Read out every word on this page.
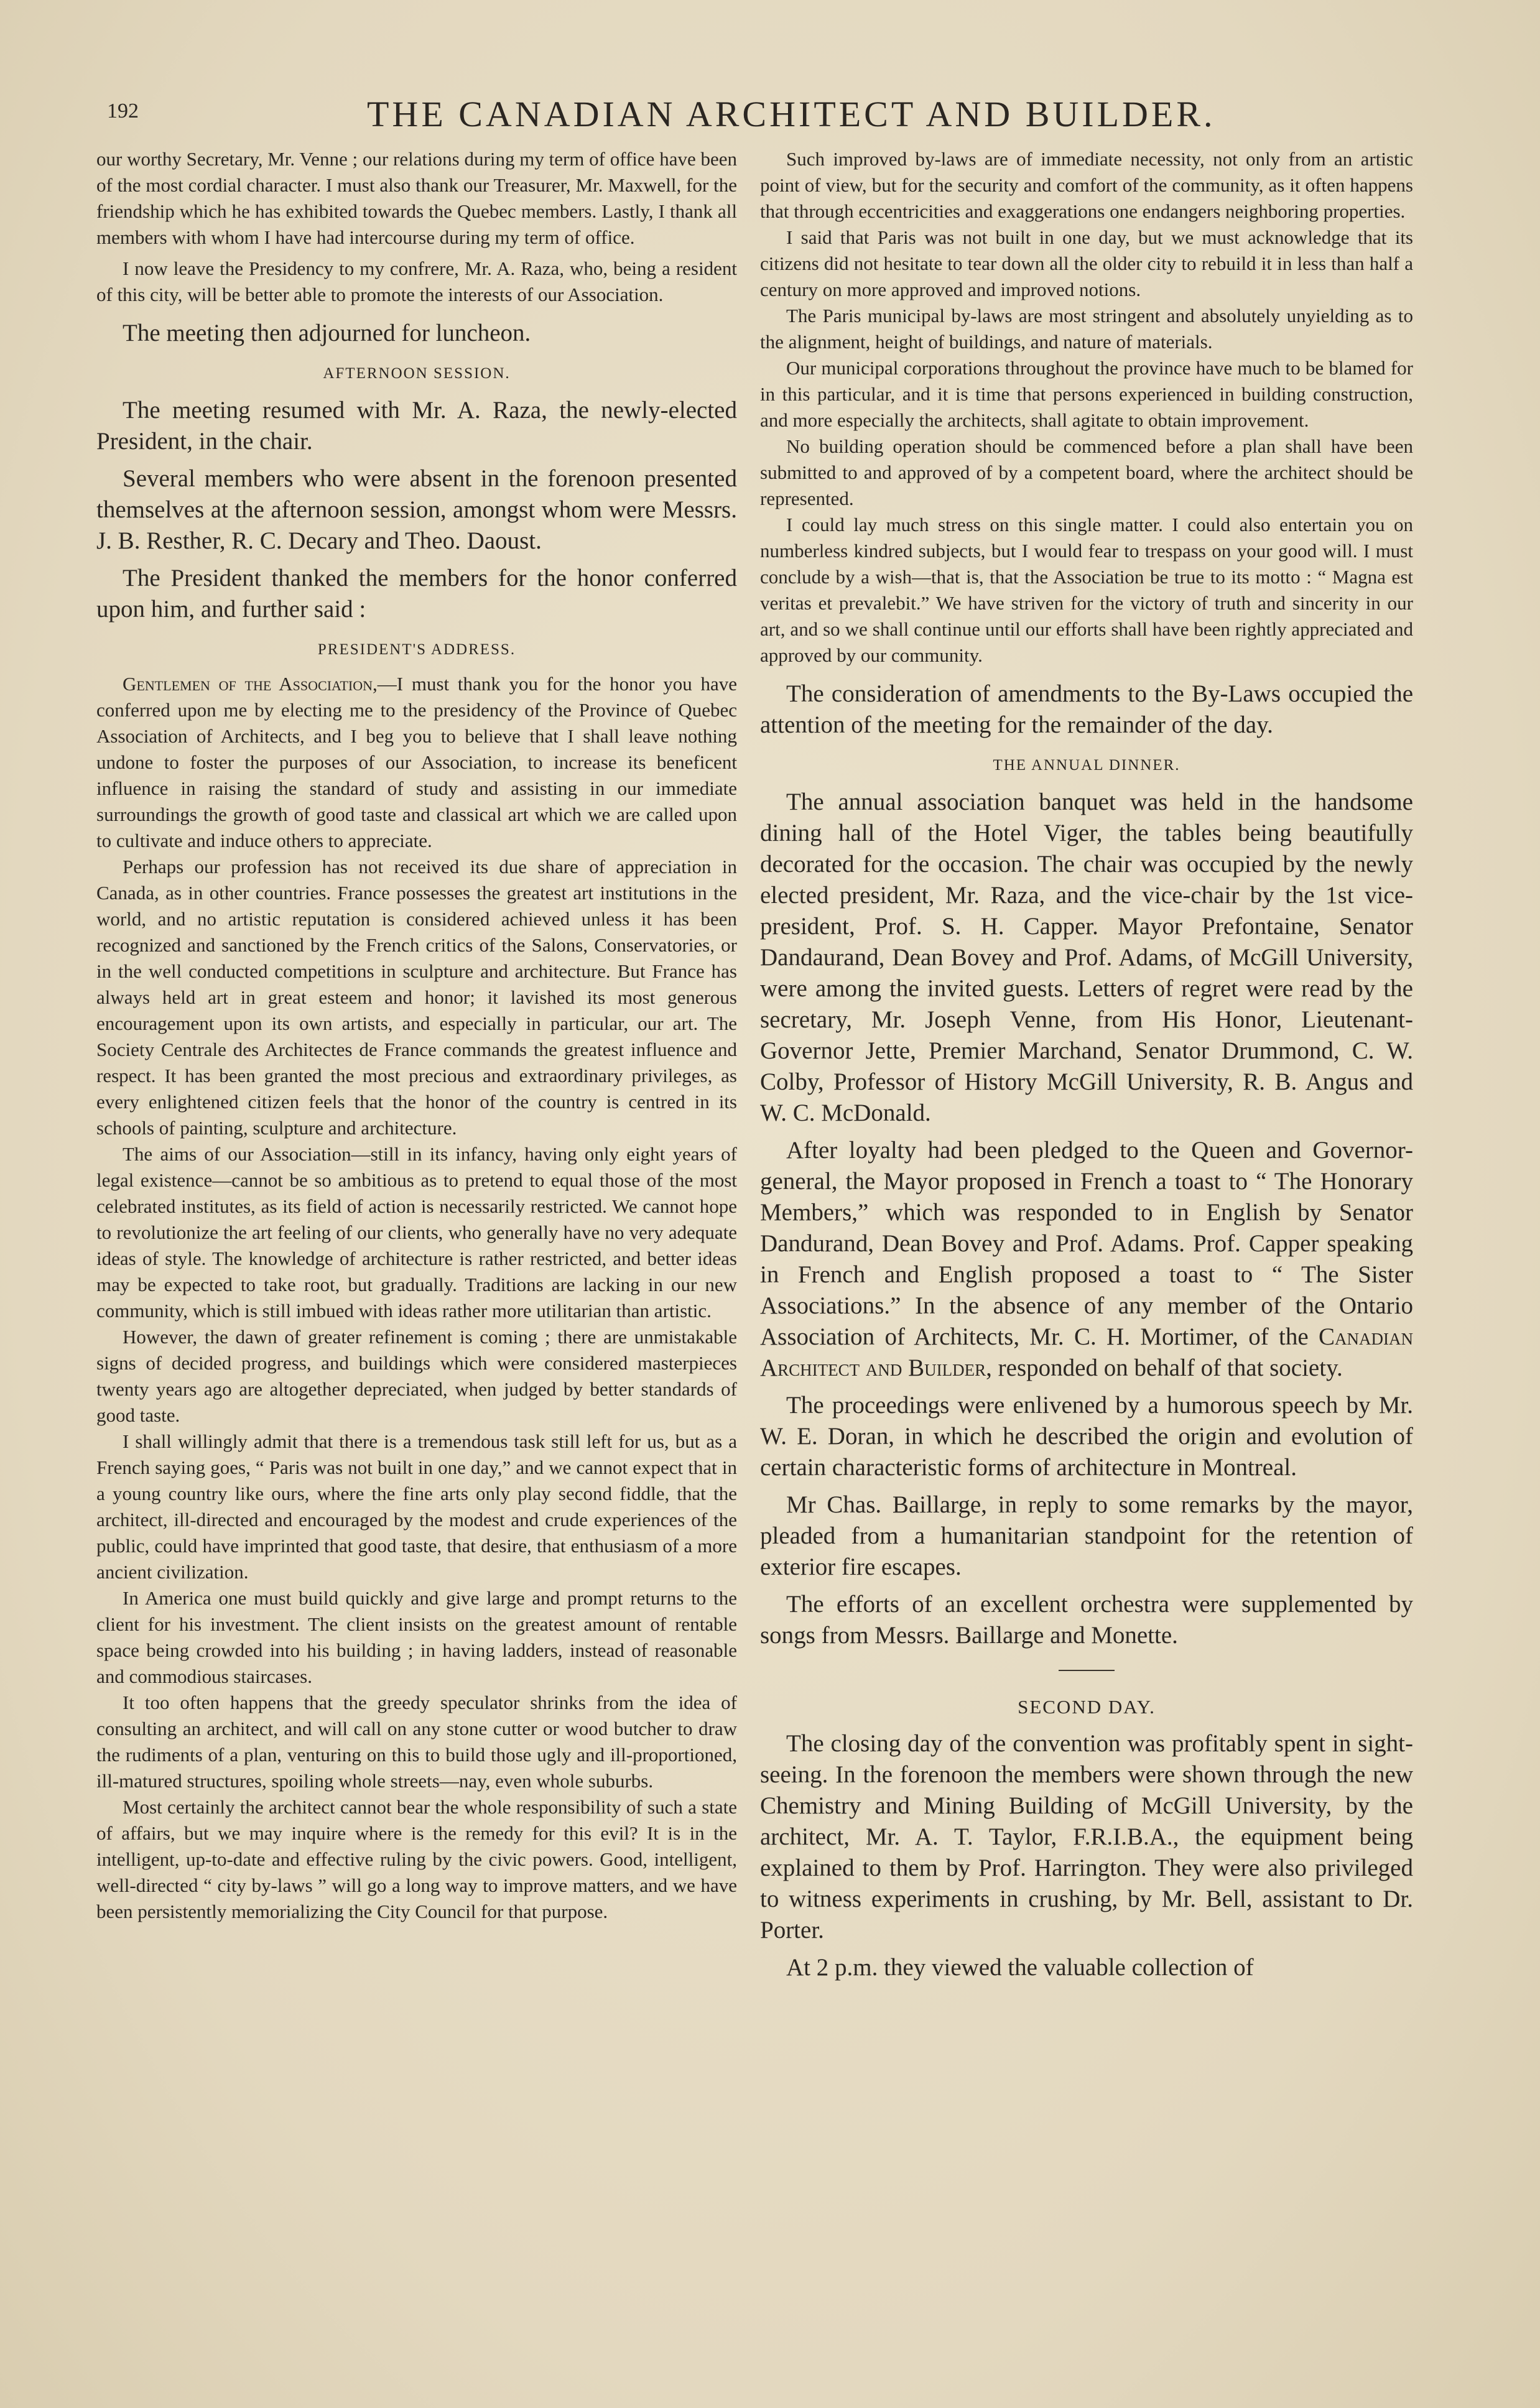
192	THE CANADIAN ARCHITECT AND BUILDER.

our worthy Secretary, Mr. Venne ; our relations during my term of office have been of the most cordial character. I must also thank our Treasurer, Mr. Maxwell, for the friendship which he has exhibited towards the Quebec members. Lastly, I thank all members with whom I have had intercourse during my term of office.

I now leave the Presidency to my confrere, Mr. A. Raza, who, being a resident of this city, will be better able to promote the interests of our Association.

The meeting then adjourned for luncheon.

AFTERNOON SESSION.

The meeting resumed with Mr. A. Raza, the newly-elected President, in the chair.

Several members who were absent in the forenoon presented themselves at the afternoon session, amongst whom were Messrs. J. B. Resther, R. C. Decary and Theo. Daoust.

The President thanked the members for the honor conferred upon him, and further said :

PRESIDENT'S ADDRESS.

Gentlemen of the Association,—I must thank you for the honor you have conferred upon me by electing me to the presidency of the Province of Quebec Association of Architects, and I beg you to believe that I shall leave nothing undone to foster the purposes of our Association, to increase its beneficent influence in raising the standard of study and assisting in our immediate surroundings the growth of good taste and classical art which we are called upon to cultivate and induce others to appreciate.

Perhaps our profession has not received its due share of appreciation in Canada, as in other countries. France possesses the greatest art institutions in the world, and no artistic reputation is considered achieved unless it has been recognized and sanctioned by the French critics of the Salons, Conservatories, or in the well conducted competitions in sculpture and architecture. But France has always held art in great esteem and honor; it lavished its most generous encouragement upon its own artists, and especially in particular, our art. The Society Centrale des Architectes de France commands the greatest influence and respect. It has been granted the most precious and extraordinary privileges, as every enlightened citizen feels that the honor of the country is centred in its schools of painting, sculpture and architecture.

The aims of our Association—still in its infancy, having only eight years of legal existence—cannot be so ambitious as to pretend to equal those of the most celebrated institutes, as its field of action is necessarily restricted. We cannot hope to revolutionize the art feeling of our clients, who generally have no very adequate ideas of style. The knowledge of architecture is rather restricted, and better ideas may be expected to take root, but gradually. Traditions are lacking in our new community, which is still imbued with ideas rather more utilitarian than artistic.

However, the dawn of greater refinement is coming ; there are unmistakable signs of decided progress, and buildings which were considered masterpieces twenty years ago are altogether depreciated, when judged by better standards of good taste.

I shall willingly admit that there is a tremendous task still left for us, but as a French saying goes, “ Paris was not built in one day,” and we cannot expect that in a young country like ours, where the fine arts only play second fiddle, that the architect, ill-directed and encouraged by the modest and crude experiences of the public, could have imprinted that good taste, that desire, that enthusiasm of a more ancient civilization.

In America one must build quickly and give large and prompt returns to the client for his investment. The client insists on the greatest amount of rentable space being crowded into his building ; in having ladders, instead of reasonable and commodious staircases.

It too often happens that the greedy speculator shrinks from the idea of consulting an architect, and will call on any stone cutter or wood butcher to draw the rudiments of a plan, venturing on this to build those ugly and ill-proportioned, ill-matured structures, spoiling whole streets—nay, even whole suburbs.

Most certainly the architect cannot bear the whole responsibility of such a state of affairs, but we may inquire where is the remedy for this evil? It is in the intelligent, up-to-date and effective ruling by the civic powers. Good, intelligent, well-directed “ city by-laws ” will go a long way to improve matters, and we have been persistently memorializing the City Council for that purpose.

Such improved by-laws are of immediate necessity, not only from an artistic point of view, but for the security and comfort of the community, as it often happens that through eccentricities and exaggerations one endangers neighboring properties.

I said that Paris was not built in one day, but we must acknowledge that its citizens did not hesitate to tear down all the older city to rebuild it in less than half a century on more approved and improved notions.

The Paris municipal by-laws are most stringent and absolutely unyielding as to the alignment, height of buildings, and nature of materials.

Our municipal corporations throughout the province have much to be blamed for in this particular, and it is time that persons experienced in building construction, and more especially the architects, shall agitate to obtain improvement.

No building operation should be commenced before a plan shall have been submitted to and approved of by a competent board, where the architect should be represented.

I could lay much stress on this single matter. I could also entertain you on numberless kindred subjects, but I would fear to trespass on your good will. I must conclude by a wish—that is, that the Association be true to its motto : “ Magna est veritas et prevalebit.” We have striven for the victory of truth and sincerity in our art, and so we shall continue until our efforts shall have been rightly appreciated and approved by our community.

The consideration of amendments to the By-Laws occupied the attention of the meeting for the remainder of the day.

THE ANNUAL DINNER.

The annual association banquet was held in the handsome dining hall of the Hotel Viger, the tables being beautifully decorated for the occasion. The chair was occupied by the newly elected president, Mr. Raza, and the vice-chair by the 1st vice-president, Prof. S. H. Capper. Mayor Prefontaine, Senator Dandaurand, Dean Bovey and Prof. Adams, of McGill University, were among the invited guests. Letters of regret were read by the secretary, Mr. Joseph Venne, from His Honor, Lieutenant-Governor Jette, Premier Marchand, Senator Drummond, C. W. Colby, Professor of History McGill University, R. B. Angus and W. C. McDonald.

After loyalty had been pledged to the Queen and Governor-general, the Mayor proposed in French a toast to “ The Honorary Members,” which was responded to in English by Senator Dandurand, Dean Bovey and Prof. Adams. Prof. Capper speaking in French and English proposed a toast to “ The Sister Associations.” In the absence of any member of the Ontario Association of Architects, Mr. C. H. Mortimer, of the Canadian Architect and Builder, responded on behalf of that society.

The proceedings were enlivened by a humorous speech by Mr. W. E. Doran, in which he described the origin and evolution of certain characteristic forms of architecture in Montreal.

Mr Chas. Baillarge, in reply to some remarks by the mayor, pleaded from a humanitarian standpoint for the retention of exterior fire escapes.

The efforts of an excellent orchestra were supplemented by songs from Messrs. Baillarge and Monette.

SECOND DAY.

The closing day of the convention was profitably spent in sight-seeing. In the forenoon the members were shown through the new Chemistry and Mining Building of McGill University, by the architect, Mr. A. T. Taylor, F.R.I.B.A., the equipment being explained to them by Prof. Harrington. They were also privileged to witness experiments in crushing, by Mr. Bell, assistant to Dr. Porter.

At 2 p.m. they viewed the valuable collection of
